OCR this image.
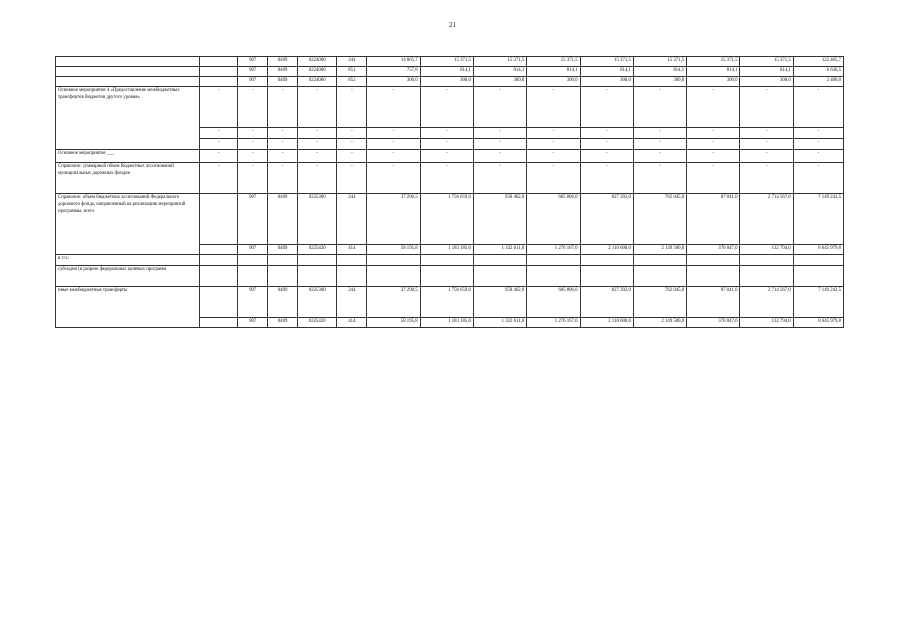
21
		907	0409	0224000	244	14 865,7	15 371,5	15 371,5	15 371,5	15 371,5	15 371,5	15 371,5	15 371,5	122 465,7
		907	0409	0224000	851	757,8	814,1	814,1	814,1	814,1	814,1	814,1	814,1	6 636,5
		907	0409	0224000	852	300,0	300,0	300,0	300,0	300,0	300,0	300,0	300,0	2 400,0
Основное мероприятие 4 «Предоставление межбюджетных трансфертов бюджетов другого уровня»	-	-	-	-	-	-	-	-	-	-	-	-	-	-
	-	-	-	-	-	-	-	-	-	-	-	-	-	-
	-	-	-	-	-	-	-	-	-	-	-	-	-	-
Основное мероприятие ___	-	-	-	-	-	-	-	-	-	-	-	-	-	-
Справочно: суммарный объем бюджетных ассигнований муниципальных дорожных фондов	-	-	-	-	-	-	-	-	-	-	-	-	-	-
Справочно: объем бюджетных ассигнований Федерального дорожного фонда, направленный на реализацию мероприятий программы, всего		907	0409	0225300	244	37 290,5	1 756 659,0	958 462,0	605 806,0	827 392,0	762 045,0	87 041,0	2 714 567,0	7 149 242,5
		907	0409	0225420	414	58 195,8	1 183 185,0	1 332 611,0	1 276 167,0	2 110 600,0	2 149 580,0	370 047,0	132 794,0	8 645 979,8
в т.ч.:														
субсидии (в разрезе федеральных целевых программ														
иные межбюджетные трансферты		907	0409	0225300	244	37 290,5	1 756 659,0	958 462,0	605 806,0	827 392,0	762 045,0	87 041,0	2 714 567,0	7 149 242,5
		907	0409	0225420	414	58 195,8	1 183 185,0	1 332 611,0	1 276 167,0	2 110 600,0	2 149 580,0	370 047,0	132 794,0	8 645 979,8
